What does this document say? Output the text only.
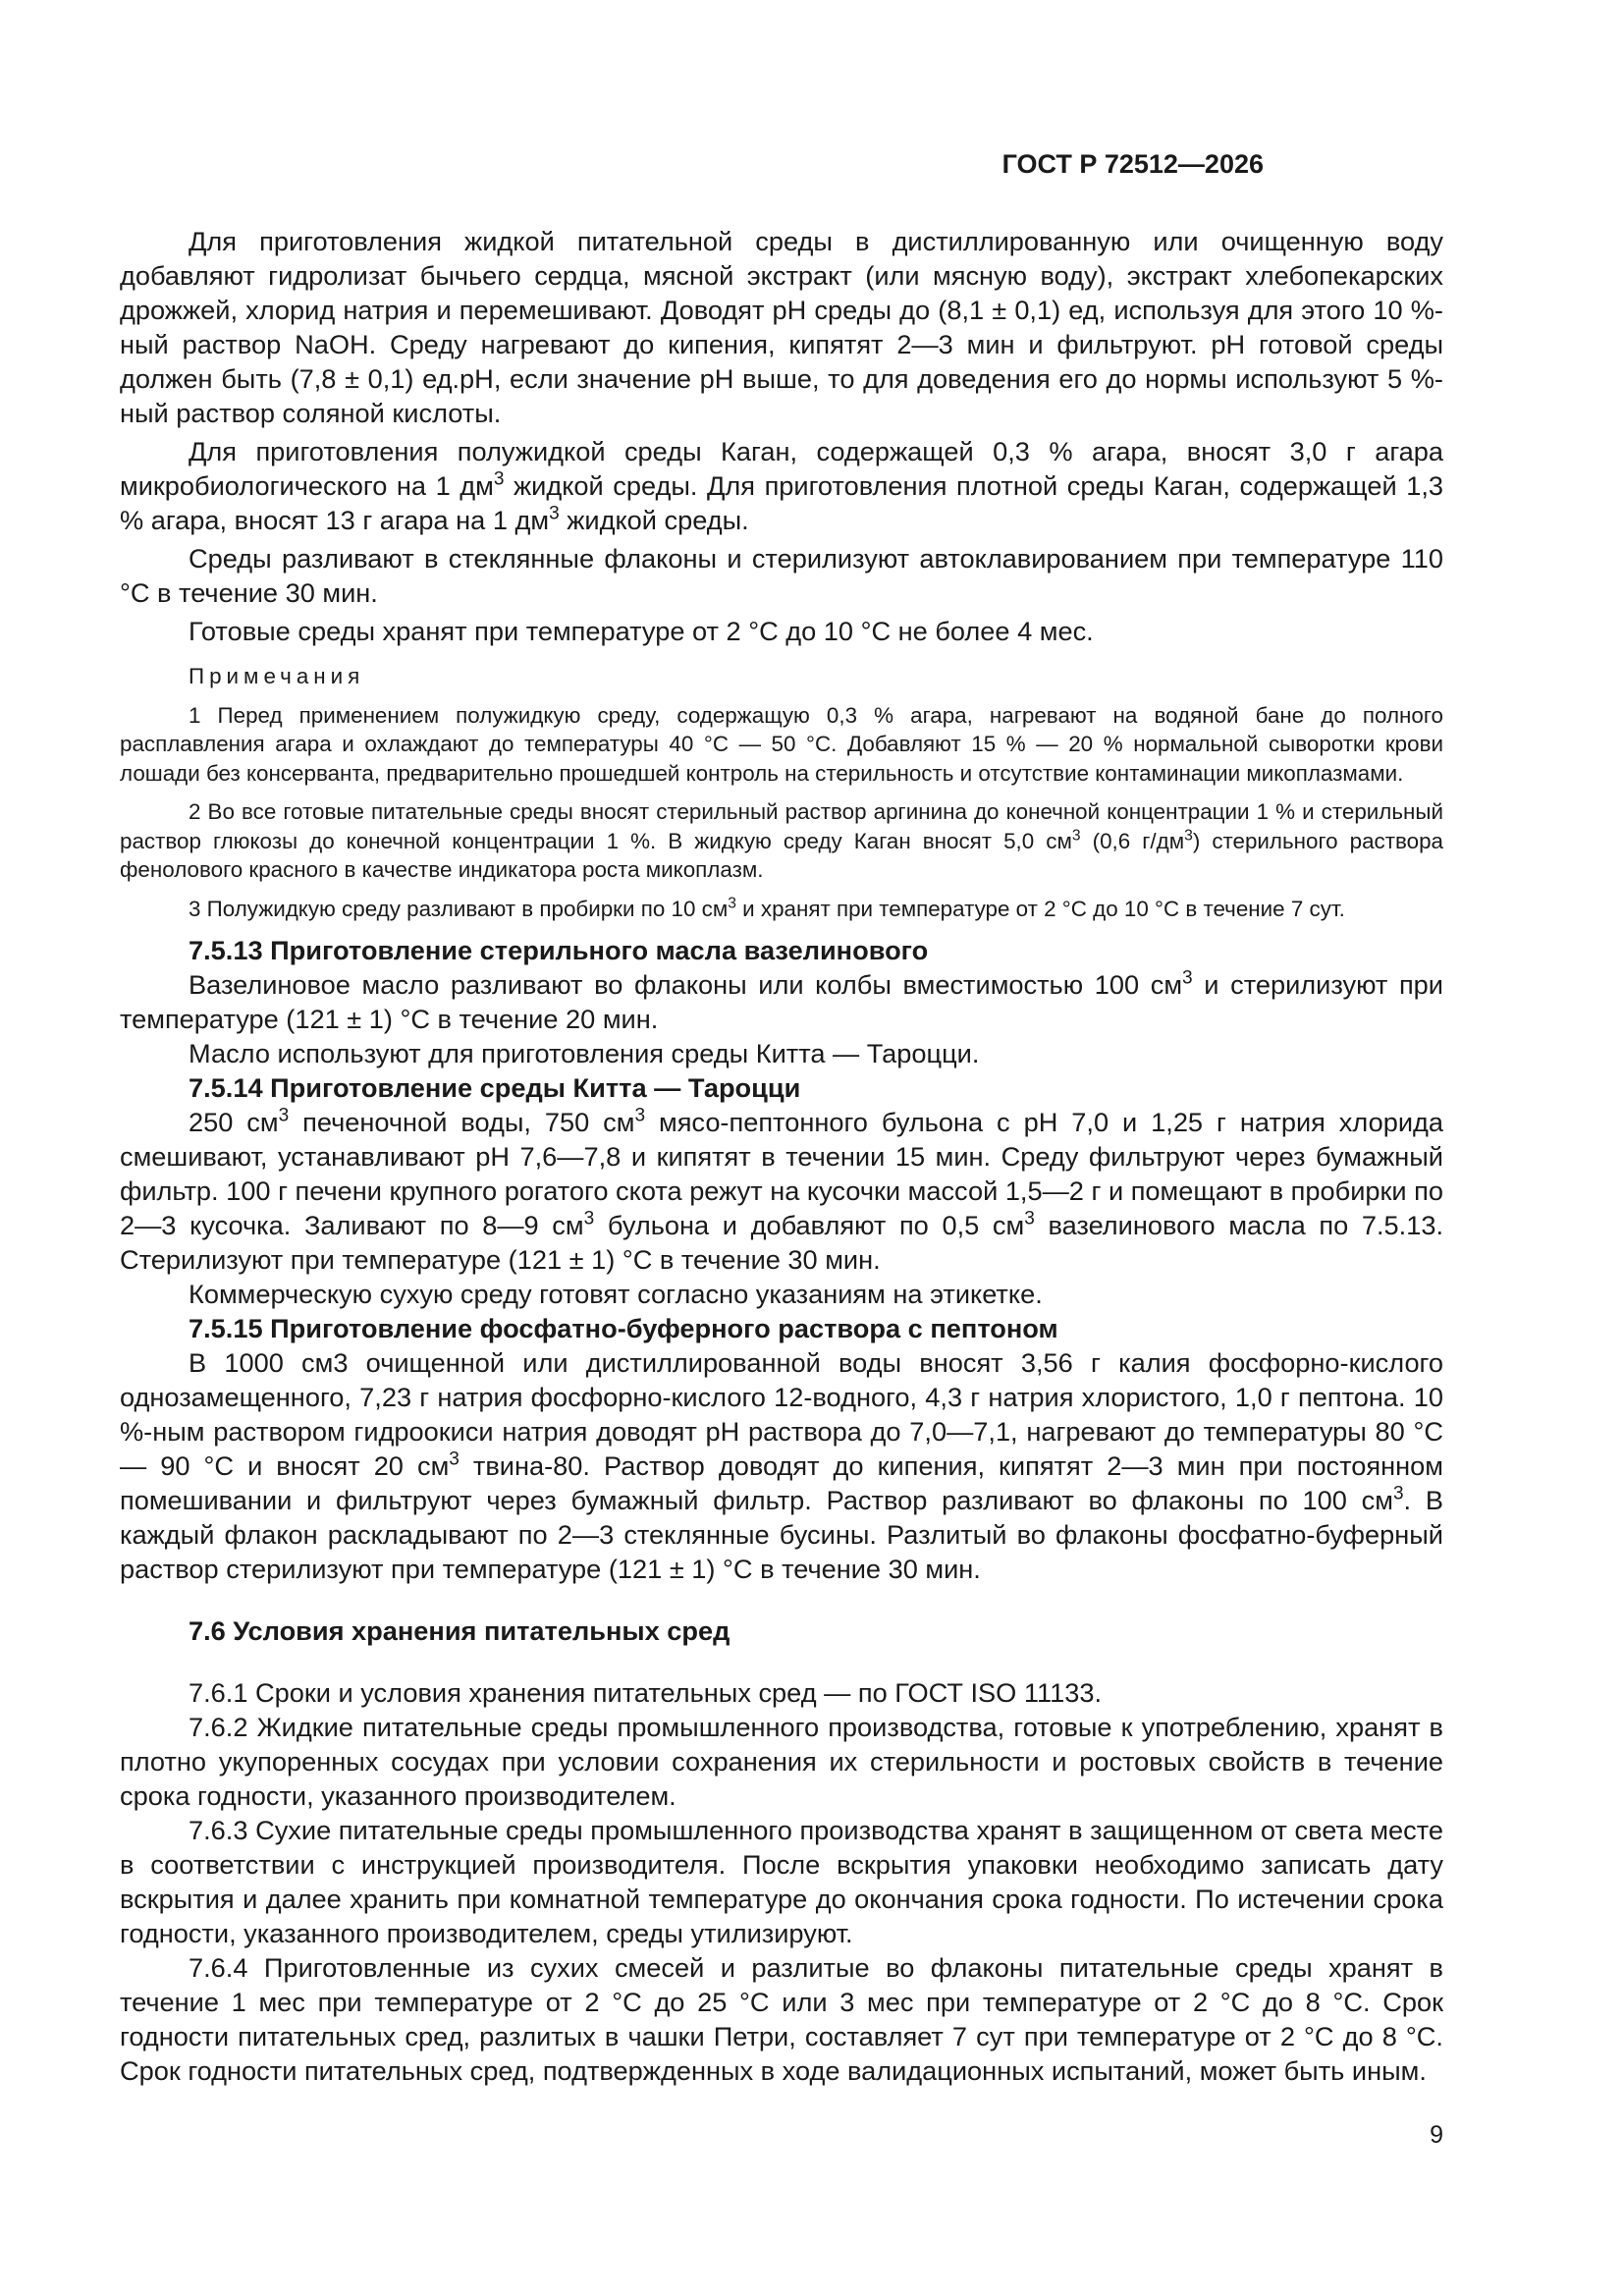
ГОСТ Р 72512—2026

Для приготовления жидкой питательной среды в дистиллированную или очищенную воду добавляют гидролизат бычьего сердца, мясной экстракт (или мясную воду), экстракт хлебопекарских дрожжей, хлорид натрия и перемешивают. Доводят pH среды до (8,1 ± 0,1) ед, используя для этого 10 %-ный раствор NaOH. Среду нагревают до кипения, кипятят 2—3 мин и фильтруют. pH готовой среды должен быть (7,8 ± 0,1) ед.pH, если значение pH выше, то для доведения его до нормы используют 5 %-ный раствор соляной кислоты.

Для приготовления полужидкой среды Каган, содержащей 0,3 % агара, вносят 3,0 г агара микробиологического на 1 $дм^3$ жидкой среды. Для приготовления плотной среды Каган, содержащей 1,3 % агара, вносят 13 г агара на 1 $дм^3$ жидкой среды.

Среды разливают в стеклянные флаконы и стерилизуют автоклавированием при температуре 110 °С в течение 30 мин.

Готовые среды хранят при температуре от 2 °С до 10 °С не более 4 мес.

Примечания

1 Перед применением полужидкую среду, содержащую 0,3 % агара, нагревают на водяной бане до полного расплавления агара и охлаждают до температуры 40 °С — 50 °С. Добавляют 15 % — 20 % нормальной сыворотки крови лошади без консерванта, предварительно прошедшей контроль на стерильность и отсутствие контаминации микоплазмами.

2 Во все готовые питательные среды вносят стерильный раствор аргинина до конечной концентрации 1 % и стерильный раствор глюкозы до конечной концентрации 1 %. В жидкую среду Каган вносят 5,0 $см^3$ (0,6 $г/дм^3$) стерильного раствора фенолового красного в качестве индикатора роста микоплазм.

3 Полужидкую среду разливают в пробирки по 10 $см^3$ и хранят при температуре от 2 °С до 10 °С в течение 7 сут.

7.5.13 Приготовление стерильного масла вазелинового

Вазелиновое масло разливают во флаконы или колбы вместимостью 100 $см^3$ и стерилизуют при температуре (121 ± 1) °С в течение 20 мин.

Масло используют для приготовления среды Китта — Тароцци.

7.5.14 Приготовление среды Китта — Тароцци

250 $см^3$ печеночной воды, 750 $см^3$ мясо-пептонного бульона с pH 7,0 и 1,25 г натрия хлорида смешивают, устанавливают pH 7,6—7,8 и кипятят в течении 15 мин. Среду фильтруют через бумажный фильтр. 100 г печени крупного рогатого скота режут на кусочки массой 1,5—2 г и помещают в пробирки по 2—3 кусочка. Заливают по 8—9 $см^3$ бульона и добавляют по 0,5 $см^3$ вазелинового масла по 7.5.13. Стерилизуют при температуре (121 ± 1) °С в течение 30 мин.

Коммерческую сухую среду готовят согласно указаниям на этикетке.

7.5.15 Приготовление фосфатно-буферного раствора с пептоном

В 1000 см3 очищенной или дистиллированной воды вносят 3,56 г калия фосфорно-кислого однозамещенного, 7,23 г натрия фосфорно-кислого 12-водного, 4,3 г натрия хлористого, 1,0 г пептона. 10 %-ным раствором гидроокиси натрия доводят pH раствора до 7,0—7,1, нагревают до температуры 80 °С — 90 °С и вносят 20 $см^3$ твина-80. Раствор доводят до кипения, кипятят 2—3 мин при постоянном помешивании и фильтруют через бумажный фильтр. Раствор разливают во флаконы по 100 $см^3$. В каждый флакон раскладывают по 2—3 стеклянные бусины. Разлитый во флаконы фосфатно-буферный раствор стерилизуют при температуре (121 ± 1) °С в течение 30 мин.

7.6 Условия хранения питательных сред

7.6.1 Сроки и условия хранения питательных сред — по ГОСТ ISO 11133.

7.6.2 Жидкие питательные среды промышленного производства, готовые к употреблению, хранят в плотно укупоренных сосудах при условии сохранения их стерильности и ростовых свойств в течение срока годности, указанного производителем.

7.6.3 Сухие питательные среды промышленного производства хранят в защищенном от света месте в соответствии с инструкцией производителя. После вскрытия упаковки необходимо записать дату вскрытия и далее хранить при комнатной температуре до окончания срока годности. По истечении срока годности, указанного производителем, среды утилизируют.

7.6.4 Приготовленные из сухих смесей и разлитые во флаконы питательные среды хранят в течение 1 мес при температуре от 2 °С до 25 °С или 3 мес при температуре от 2 °С до 8 °С. Срок годности питательных сред, разлитых в чашки Петри, составляет 7 сут при температуре от 2 °С до 8 °С. Срок годности питательных сред, подтвержденных в ходе валидационных испытаний, может быть иным.

9
